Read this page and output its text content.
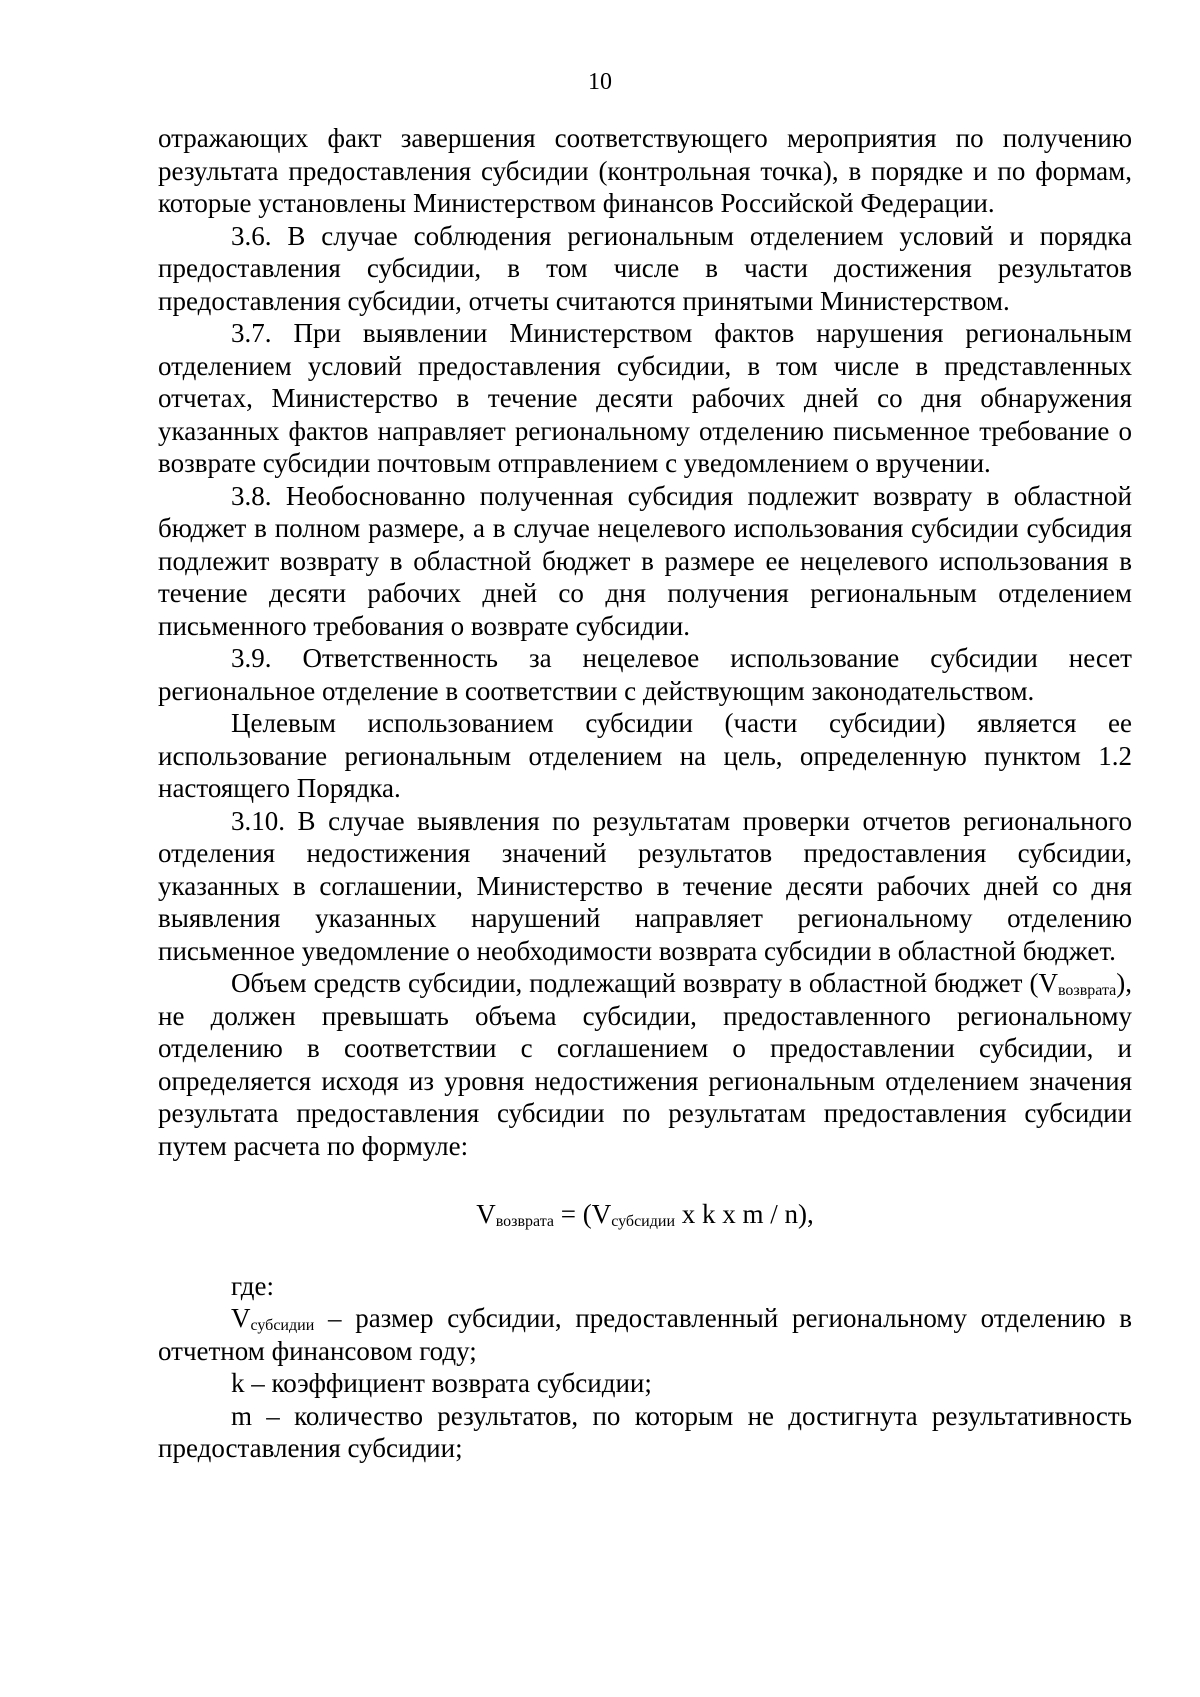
10

отражающих факт завершения соответствующего мероприятия по получению результата предоставления субсидии (контрольная точка), в порядке и по формам, которые установлены Министерством финансов Российской Федерации.

3.6. В случае соблюдения региональным отделением условий и порядка предоставления субсидии, в том числе в части достижения результатов предоставления субсидии, отчеты считаются принятыми Министерством.

3.7. При выявлении Министерством фактов нарушения региональным отделением условий предоставления субсидии, в том числе в представленных отчетах, Министерство в течение десяти рабочих дней со дня обнаружения указанных фактов направляет региональному отделению письменное требование о возврате субсидии почтовым отправлением с уведомлением о вручении.

3.8. Необоснованно полученная субсидия подлежит возврату в областной бюджет в полном размере, а в случае нецелевого использования субсидии субсидия подлежит возврату в областной бюджет в размере ее нецелевого использования в течение десяти рабочих дней со дня получения региональным отделением письменного требования о возврате субсидии.

3.9. Ответственность за нецелевое использование субсидии несет региональное отделение в соответствии с действующим законодательством.

Целевым использованием субсидии (части субсидии) является ее использование региональным отделением на цель, определенную пунктом 1.2 настоящего Порядка.

3.10. В случае выявления по результатам проверки отчетов регионального отделения недостижения значений результатов предоставления субсидии, указанных в соглашении, Министерство в течение десяти рабочих дней со дня выявления указанных нарушений направляет региональному отделению письменное уведомление о необходимости возврата субсидии в областной бюджет.

Объем средств субсидии, подлежащий возврату в областной бюджет $(V_{возврата})$, не должен превышать объема субсидии, предоставленного региональному отделению в соответствии с соглашением о предоставлении субсидии, и определяется исходя из уровня недостижения региональным отделением значения результата предоставления субсидии по результатам предоставления субсидии путем расчета по формуле:

$V_{возврата} = (V_{субсидии}$ x k x m / n),

где:

$V_{субсидии}$ – размер субсидии, предоставленный региональному отделению в отчетном финансовом году;

k – коэффициент возврата субсидии;

m – количество результатов, по которым не достигнута результативность предоставления субсидии;
